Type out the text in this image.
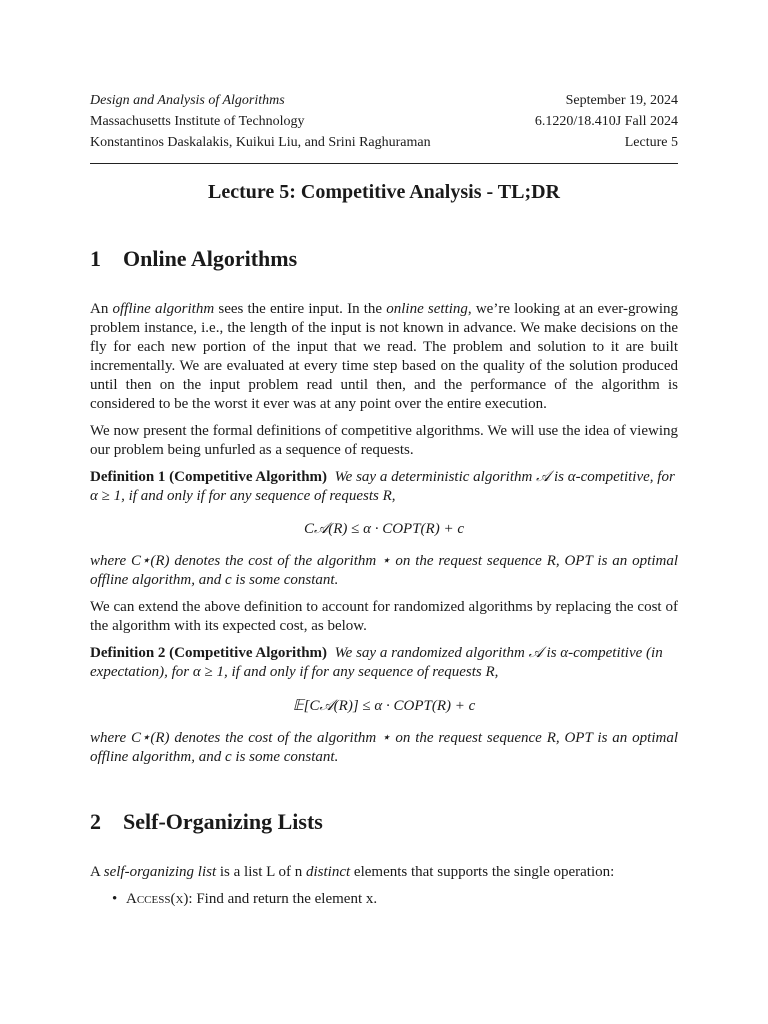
Design and Analysis of Algorithms	September 19, 2024
Massachusetts Institute of Technology	6.1220/18.410J Fall 2024
Konstantinos Daskalakis, Kuikui Liu, and Srini Raghuraman	Lecture 5
Lecture 5: Competitive Analysis - TL;DR
1 Online Algorithms

An offline algorithm sees the entire input. In the online setting, we’re looking at an ever-growing problem instance, i.e., the length of the input is not known in advance. We make decisions on the fly for each new portion of the input that we read. The problem and solution to it are built incrementally. We are evaluated at every time step based on the quality of the solution produced until then on the input problem read until then, and the performance of the algorithm is considered to be the worst it ever was at any point over the entire execution.

We now present the formal definitions of competitive algorithms. We will use the idea of viewing our problem being unfurled as a sequence of requests.

Definition 1 (Competitive Algorithm) We say a deterministic algorithm 𝒜 is α-competitive, for α ≥ 1, if and only if for any sequence of requests R,
C𝒜(R) ≤ α · COPT(R) + c
where C⋆(R) denotes the cost of the algorithm ⋆ on the request sequence R, OPT is an optimal offline algorithm, and c is some constant.

We can extend the above definition to account for randomized algorithms by replacing the cost of the algorithm with its expected cost, as below.

Definition 2 (Competitive Algorithm) We say a randomized algorithm 𝒜 is α-competitive (in expectation), for α ≥ 1, if and only if for any sequence of requests R,
𝔼[C𝒜(R)] ≤ α · COPT(R) + c
where C⋆(R) denotes the cost of the algorithm ⋆ on the request sequence R, OPT is an optimal offline algorithm, and c is some constant.
2 Self-Organizing Lists

A self-organizing list is a list L of n distinct elements that supports the single operation:

• Access(x): Find and return the element x.
